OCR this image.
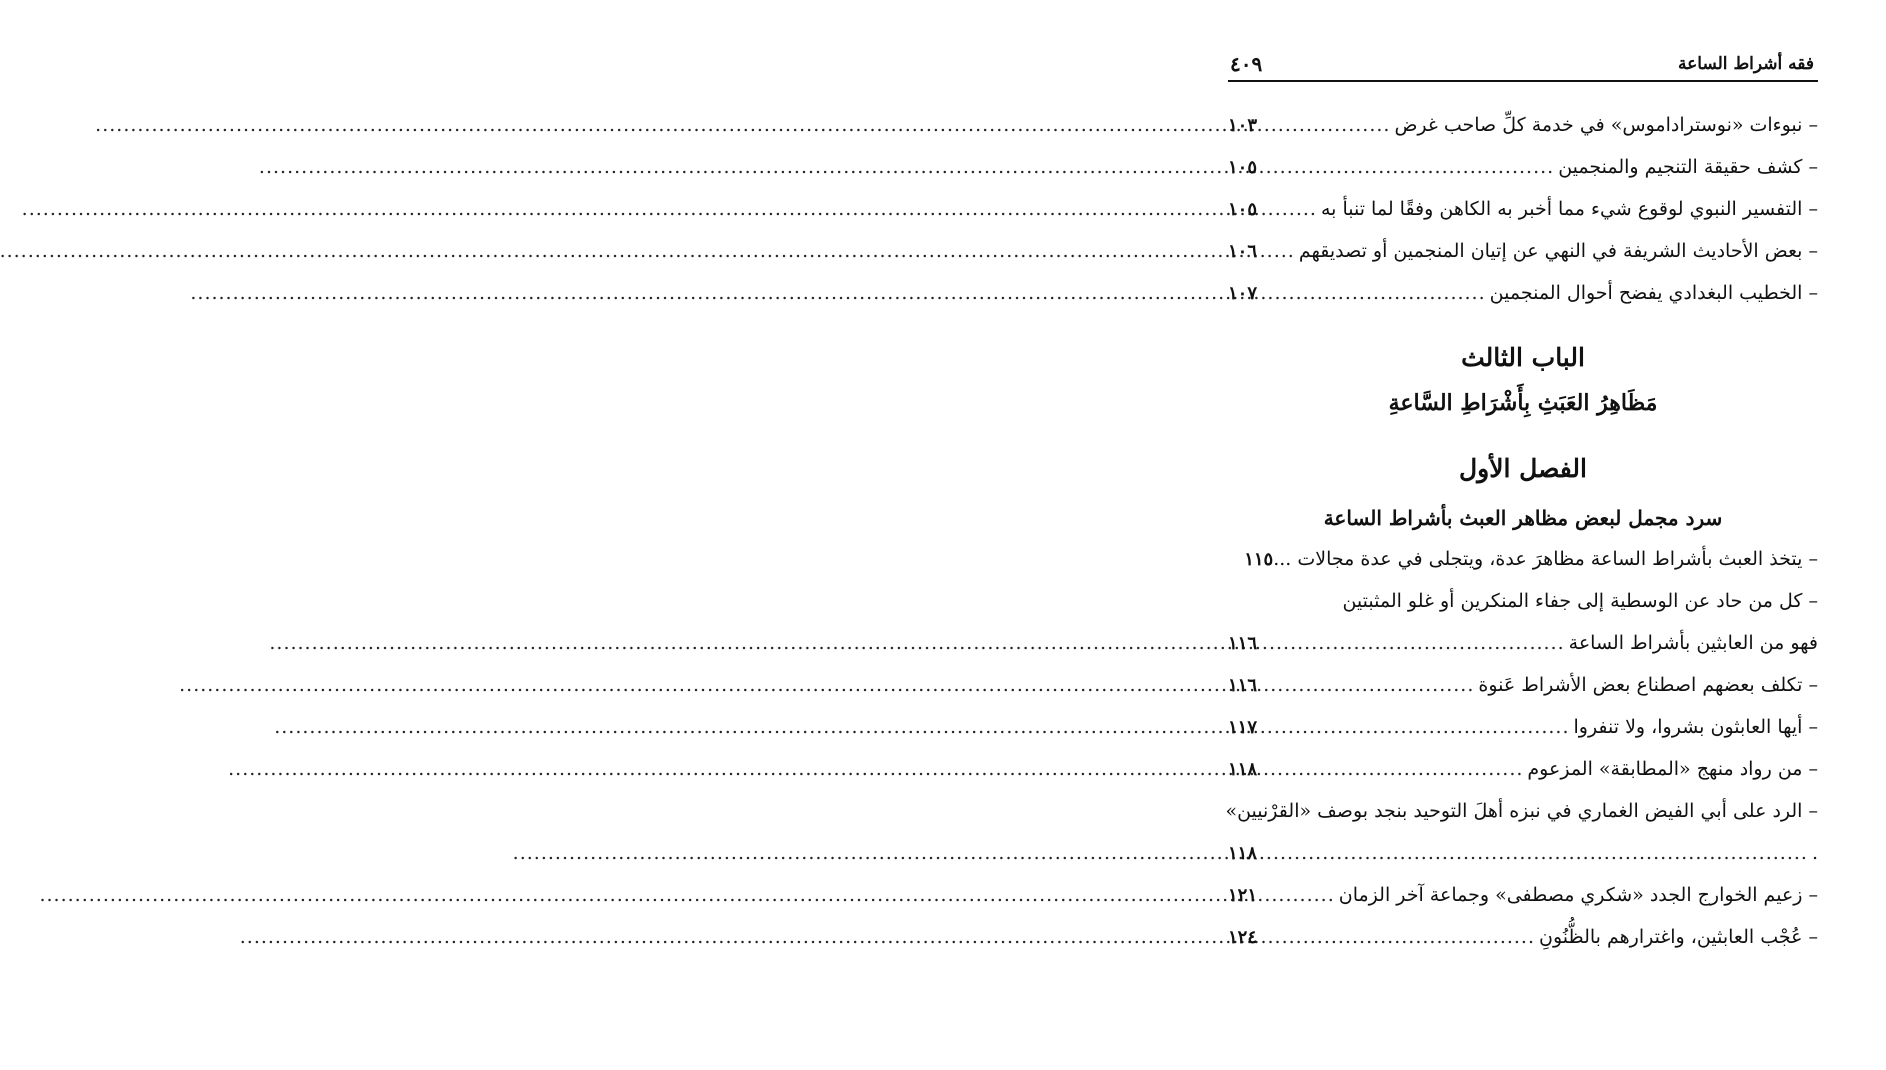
فقه أشراط الساعة
٤٠٩
– نبوءات «نوستراداموس» في خدمة كلِّ صاحب غرض
.....
١٠٣
– كشف حقيقة التنجيم والمنجمين
.....
١٠٥
– التفسير النبوي لوقوع شيء مما أخبر به الكاهن وفقًا لما تنبأ به
.....
١٠٥
– بعض الأحاديث الشريفة في النهي عن إتيان المنجمين أو تصديقهم
.....
١٠٦
– الخطيب البغدادي يفضح أحوال المنجمين
.....
١٠٧
الباب الثالث
مَظَاهِرُ العَبَثِ بِأَشْرَاطِ السَّاعةِ
الفصل الأول
سرد مجمل لبعض مظاهر العبث بأشراط الساعة
– يتخذ العبث بأشراط الساعة مظاهرَ عدة، ويتجلى في عدة مجالات ...
١١٥
– كل من حاد عن الوسطية إلى جفاء المنكرين أو غلو المثبتين
فهو من العابثين بأشراط الساعة
.....
١١٦
– تكلف بعضهم اصطناع بعض الأشراط عَنوة
.....
١١٦
– أيها العابثون بشروا، ولا تنفروا
.....
١١٧
– من رواد منهج «المطابقة» المزعوم
.....
١١٨
– الرد على أبي الفيض الغماري في نبزه أهلَ التوحيد بنجد بوصف «القرْنيين»
.
.....
١١٨
– زعيم الخوارج الجدد «شكري مصطفى» وجماعة آخر الزمان
.....
١٢١
– عُجْب العابثين، واغترارهم بالظُّنُونِ
.....
١٢٤
